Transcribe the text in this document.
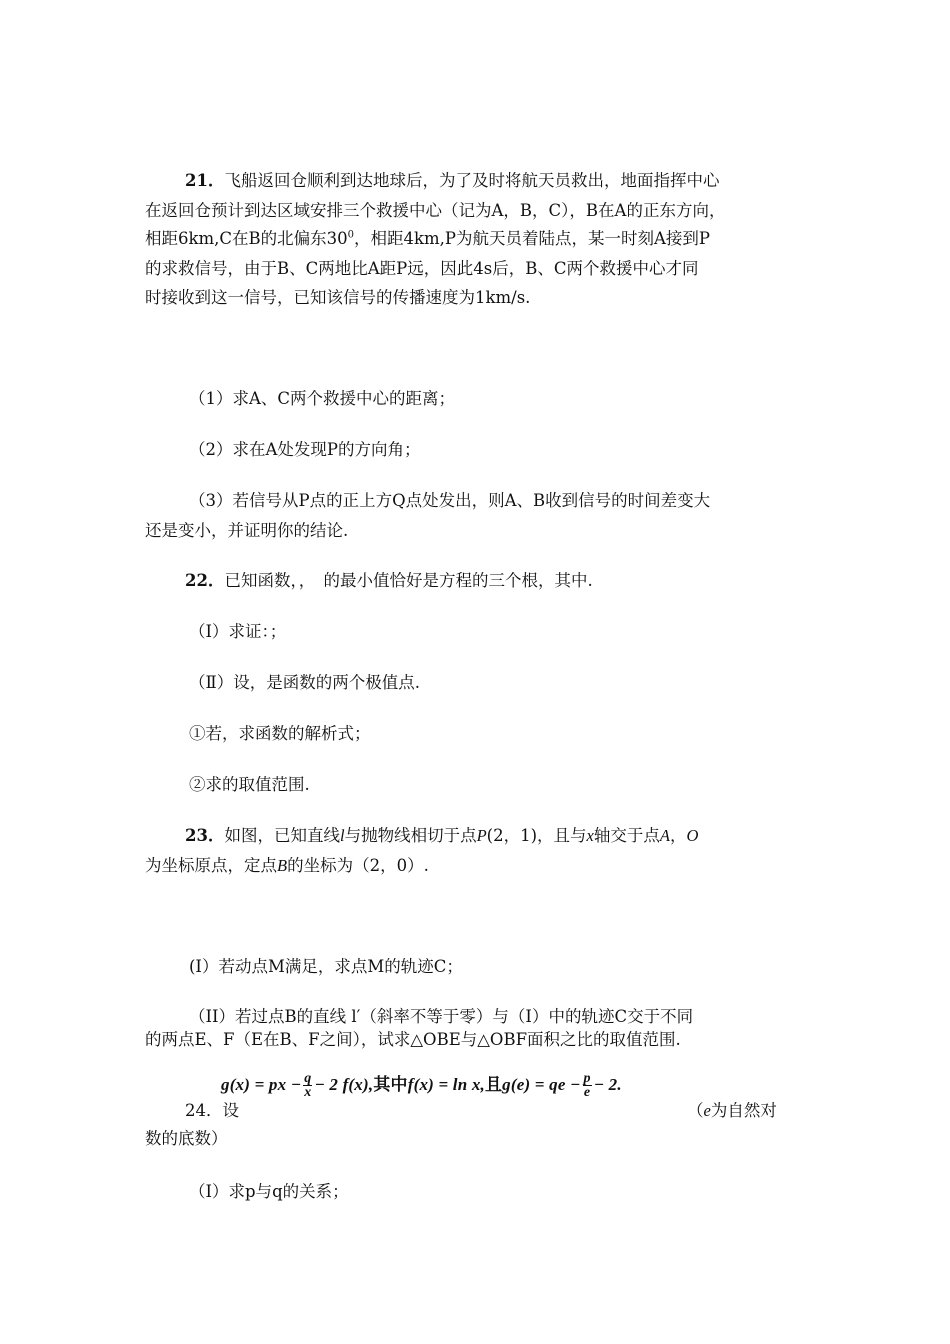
21．飞船返回仓顺利到达地球后，为了及时将航天员救出，地面指挥中心

在返回仓预计到达区域安排三个救援中心（记为A，B，C），B在A的正东方向，

相距6km,C在B的北偏东$30^0$，相距4km,P为航天员着陆点，某一时刻A接到P

的求救信号，由于B、C两地比A距P远，因此4s后，B、C两个救援中心才同

时接收到这一信号，已知该信号的传播速度为1km/s.

（1）求A、C两个救援中心的距离；

（2）求在A处发现P的方向角；

（3）若信号从P点的正上方Q点处发出，则A、B收到信号的时间差变大

还是变小，并证明你的结论.

22．已知函数，，　的最小值恰好是方程的三个根，其中.

（Ⅰ）求证：；

（Ⅱ）设，是函数的两个极值点.

①若，求函数的解析式；

②求的取值范围.

23．如图，已知直线l与抛物线相切于点P(2，1)，且与x轴交于点A，O

为坐标原点，定点B的坐标为（2，0）.

(I）若动点M满足，求点M的轨迹C；

（II）若过点B的直线 l′（斜率不等于零）与（I）中的轨迹C交于不同

的两点E、F（E在B、F之间），试求△OBE与△OBF面积之比的取值范围.

g(x) = px − $\frac{q}{x} - 2$ f(x),其中f(x) = ln x,且g(e) = qe − $\frac{p}{e} - 2$.

24．设	（e为自然对

数的底数）

（I）求p与q的关系；
